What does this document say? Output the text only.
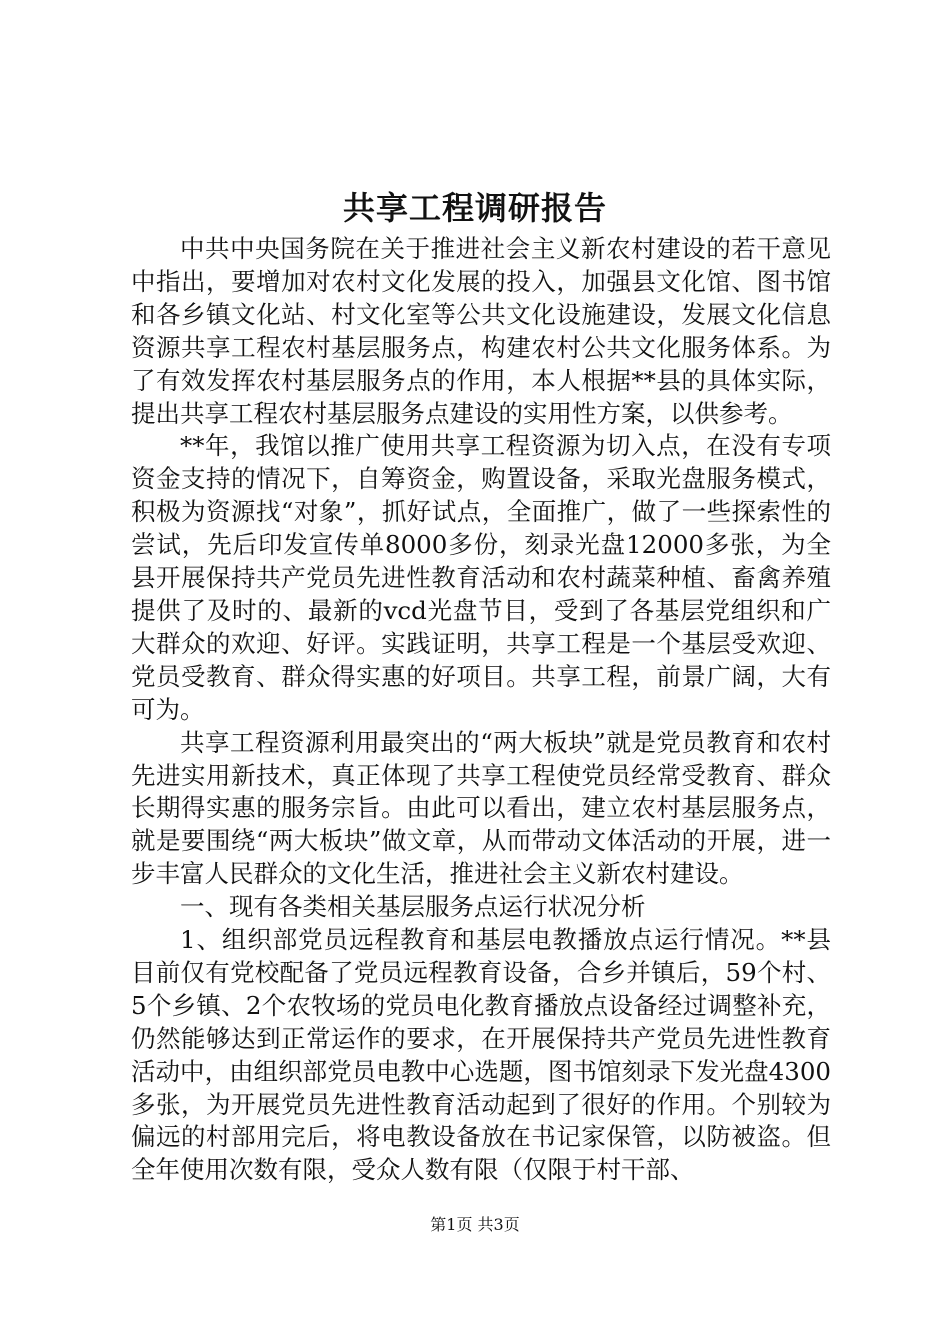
共享工程调研报告

中共中央国务院在关于推进社会主义新农村建设的若干意见中指出，要增加对农村文化发展的投入，加强县文化馆、图书馆和各乡镇文化站、村文化室等公共文化设施建设，发展文化信息资源共享工程农村基层服务点，构建农村公共文化服务体系。为了有效发挥农村基层服务点的作用，本人根据**县的具体实际，提出共享工程农村基层服务点建设的实用性方案，以供参考。

**年，我馆以推广使用共享工程资源为切入点，在没有专项资金支持的情况下，自筹资金，购置设备，采取光盘服务模式，积极为资源找“对象”，抓好试点，全面推广，做了一些探索性的尝试，先后印发宣传单8000多份，刻录光盘12000多张，为全县开展保持共产党员先进性教育活动和农村蔬菜种植、畜禽养殖提供了及时的、最新的vcd光盘节目，受到了各基层党组织和广大群众的欢迎、好评。实践证明，共享工程是一个基层受欢迎、党员受教育、群众得实惠的好项目。共享工程，前景广阔，大有可为。

共享工程资源利用最突出的“两大板块”就是党员教育和农村先进实用新技术，真正体现了共享工程使党员经常受教育、群众长期得实惠的服务宗旨。由此可以看出，建立农村基层服务点，就是要围绕“两大板块”做文章，从而带动文体活动的开展，进一步丰富人民群众的文化生活，推进社会主义新农村建设。

一、现有各类相关基层服务点运行状况分析

1、组织部党员远程教育和基层电教播放点运行情况。**县目前仅有党校配备了党员远程教育设备，合乡并镇后，59个村、5个乡镇、2个农牧场的党员电化教育播放点设备经过调整补充，仍然能够达到正常运作的要求，在开展保持共产党员先进性教育活动中，由组织部党员电教中心选题，图书馆刻录下发光盘4300多张，为开展党员先进性教育活动起到了很好的作用。个别较为偏远的村部用完后，将电教设备放在书记家保管，以防被盗。但全年使用次数有限，受众人数有限（仅限于村干部、

第1页 共3页
